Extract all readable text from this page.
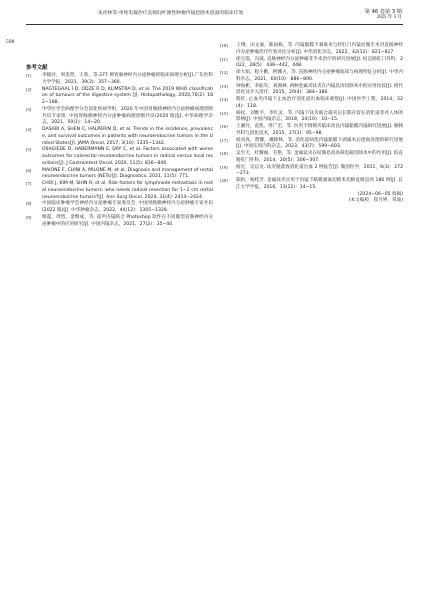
598
朱祥林等:单纯电凝治疗直肠间叶源性肿瘤内镜挖除术创面的临床疗效	第 46 卷第 3 期
2025 年 5 月
参考文献
[1]	李晓玲，周金剑，王新，等.377 例胃肠神经内分泌肿瘤的临床病理分析[J].广东医科大学学报，2021，39(3)：357−360.
[2]	NAGTEGAAL I D, ODZE R D, KLIMSTRA D, et al. The 2019 WHO classification of tumours of the digestive system [J]. Histopathology, 2020,76(2): 182−188.
[3]	中华医学会病理学分会消化疾病学组，2020 年中国胃肠胰神经内分泌肿瘤病理诊断共识专家组. 中国胃肠胰神经内分泌肿瘤病理诊断共识(2020 版)[J]. 中华病理学杂志，2021，50(1)：14−20.
[4]	DASARI A, SHEN C, HALPERIN D, et al. Trends in the incidence, prevalence, and survival outcomes in patients with neuroendocrine tumors in the United States[J]. JAMA Oncol, 2017, 3(10): 1335−1342.
[5]	OSAGIEDE O, HABERMANN E, DAY C, et al. Factors associated with worse outcomes for colorectal neuroendocrine tumors in radical versus local resections[J]. J Gastrointest Oncol, 2020, 11(5): 836−846.
[6]	MAIONE F, CHINI A, MILONE M, et al. Diagnosis and management of rectal neuroendocrine tumors (NETs)[J]. Diagnostics, 2021, 11(5): 771.
[7]	CHOI J, KIM M, SHIN R, et al. Risk factors for lymphnode metastasis in rectal neuroendocrine tumors: who needs radical resection for 1−2 cm rectal neuroendocrine tumors?[J]. Ann Surg Oncol, 2024, 31(4): 2414−2424.
[8]	中国临床肿瘤学会神经内分泌肿瘤专家委员会. 中国胃肠胰神经内分泌肿瘤专家共识(2022 版)[J]. 中华肿瘤杂志，2022，44(12)：1305−1329.
[9]	缪磊，周烈，金继成，等. 超声内镜联合 Photoshop 软件在不同微型直肠神经内分泌肿瘤中的应用研究[J]. 中国内镜杂志，2021，27(2)：35−40.
[10]	王琍，田文嘉，陈国栋，等. 内镜黏膜下剥离术与经肛门内镜显微手术对直肠神经内分泌肿瘤治疗疗效对比分析[J]. 中华消化杂志，2022，42(12)：821−827.
[11]	徐宝霞，冯波. 直肠神经内分泌肿瘤非手术治疗的研究进展[J]. 结直肠肛门外科，2022，28(5)：438−442，448.
[12]	徐大娟，程小勤，阿娜古，等. 直肠神经内分泌肿瘤临床与病理特征分析[J]. 中华内科杂志，2021，60(10)：886−890.
[13]	钟海彬，李振军，刘满林. 两种金属夹钛夹在内镜息肉切除术中的应用比较[J]. 现代消化及介入诊疗，2015，20(4)：384−386.
[14]	程红. 止血夹内镜下止血治疗消化道出血临床观察[J]. 中国医学工程，2014，22(4)：118.
[15]	杨松，刘维平，李红灵，等. 内镜下钛夹联合凝夹后长期存留在消化道者对人体的影响[J]. 中国内镜杂志，2018，24(10)：10−15.
[16]	王湘玲，袁凯，周广宏，等. 医用不锈钢夹临床改良内镜黏膜内镜研究进展[J]. 肠胰外科与消化技术，2015，27(1)：95−98.
[17]	杨真真，赞馨，潘晓林，等. 消化道病变内镜黏膜下剥离术后创面处理的研究进展[J]. 中国实用内科杂志，2023，43(7)：599−603.
[18]	吴至天，杜耀丽，毛艳，等. 金属钛夹在结肠息肉高频电凝切除术中的作用[J]. 结直肠肛门外科，2014，20(5)：306−307.
[19]	杨宏，吴以龙. 钛夹脱落致消化道出血 2 例报告[J]. 微创医学，2011，6(3)：272−273.
[20]	陈恒，杨桂芳. 金属钛夹应用于内镜下粘膜剥离切除术切除直肠息肉 186 例[J]. 长江大学学报，2016，13(12)：14−15.
(2024−06−05 收稿)
(本文编校：崔月婷，常迪)
